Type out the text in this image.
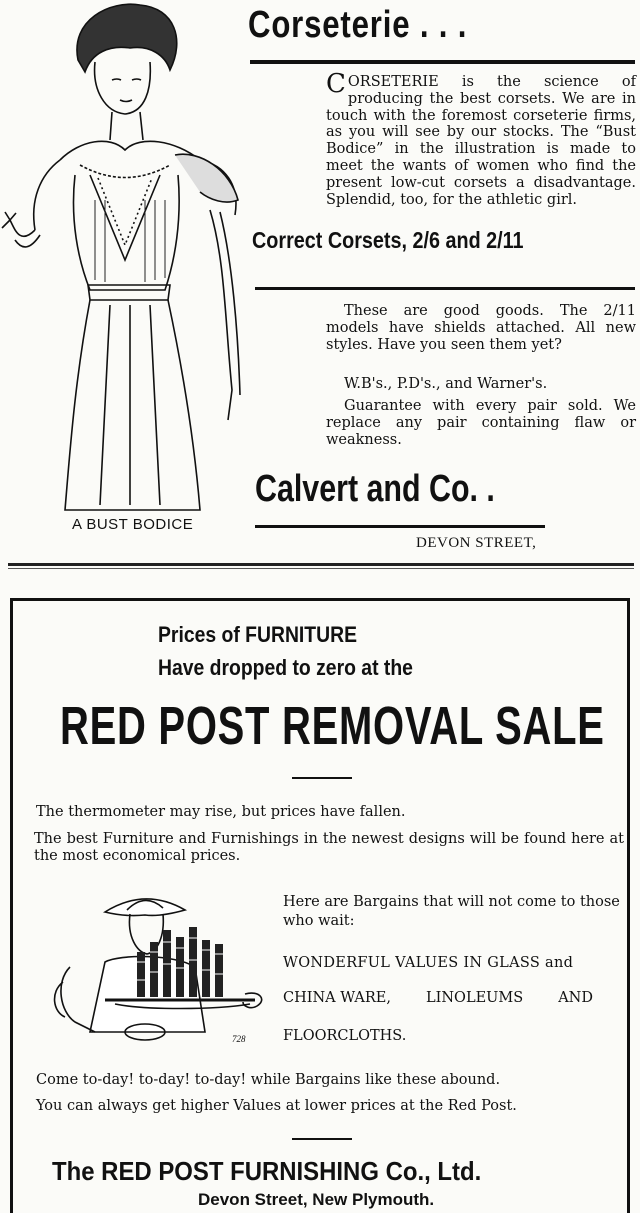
A BUST BODICE
Corseterie . . .

CORSETERIE is the science of producing the best corsets. We are in touch with the foremost corseterie firms, as you will see by our stocks. The “Bust Bodice” in the illustration is made to meet the wants of women who find the present low-cut corsets a disadvantage. Splendid, too, for the athletic girl.

Correct Corsets, 2/6 and 2/11

These are good goods. The 2/11 models have shields attached. All new styles. Have you seen them yet?

W.B's., P.D's., and Warner's.

Guarantee with every pair sold. We replace any pair containing flaw or weakness.

Calvert and Co. .
DEVON STREET,
Prices of FURNITURE
Have dropped to zero at the
RED POST REMOVAL SALE
The thermometer may rise, but prices have fallen.

The best Furniture and Furnishings in the newest designs will be found here at the most economical prices.

728
Here are Bargains that will not come to those who wait:
WONDERFUL VALUES IN GLASS and
CHINA WARE, LINOLEUMS AND
FLOORCLOTHS.
Come to-day! to-day! to-day! while Bargains like these abound.
You can always get higher Values at lower prices at the Red Post.
The RED POST FURNISHING Co., Ltd.
Devon Street, New Plymouth.
